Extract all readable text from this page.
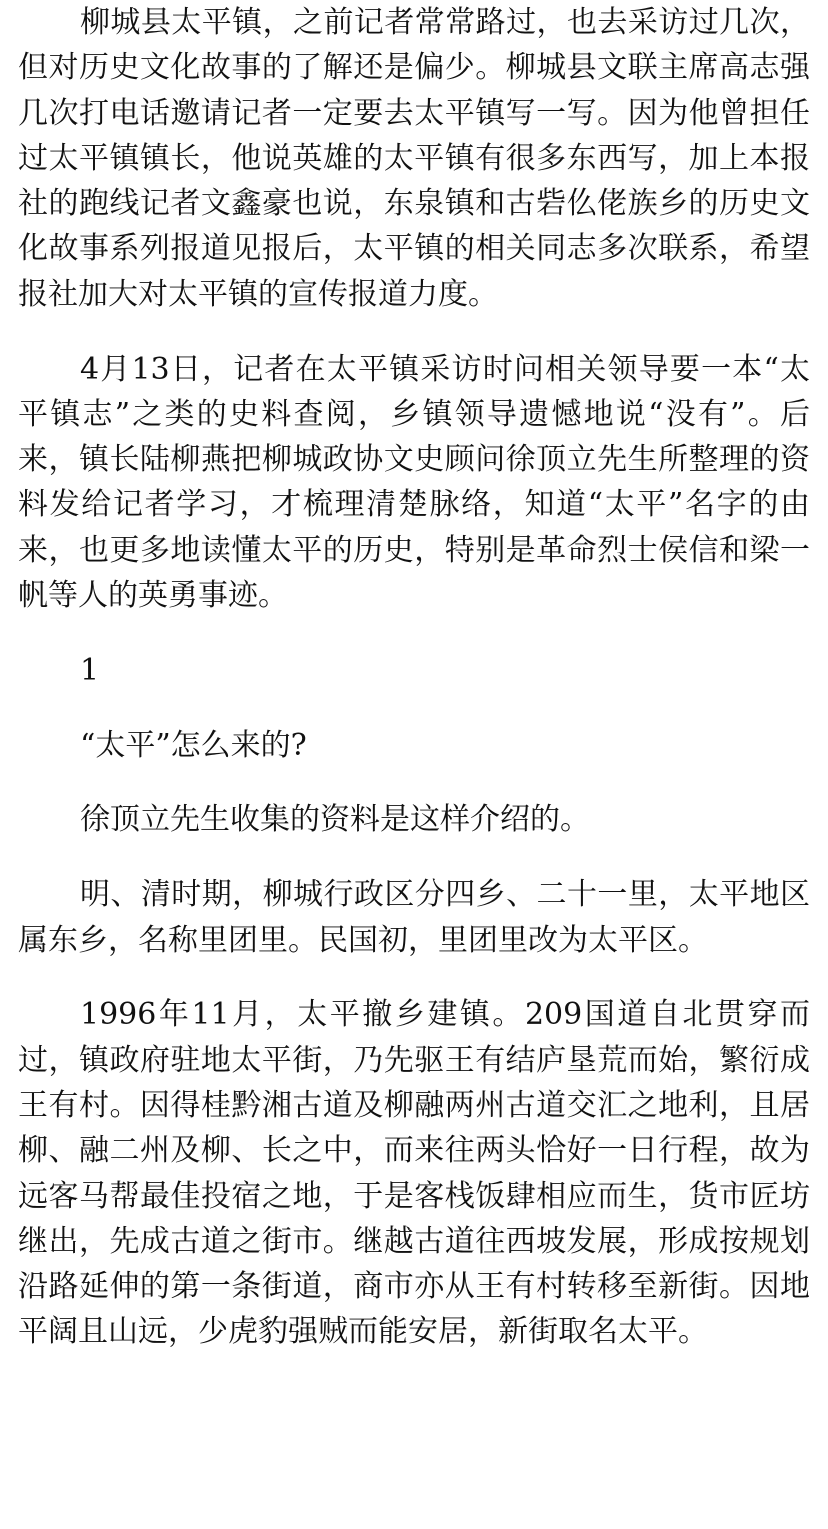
柳城县太平镇，之前记者常常路过，也去采访过几次，但对历史文化故事的了解还是偏少。柳城县文联主席高志强几次打电话邀请记者一定要去太平镇写一写。因为他曾担任过太平镇镇长，他说英雄的太平镇有很多东西写，加上本报社的跑线记者文鑫豪也说，东泉镇和古砦仫佬族乡的历史文化故事系列报道见报后，太平镇的相关同志多次联系，希望报社加大对太平镇的宣传报道力度。

4月13日，记者在太平镇采访时问相关领导要一本“太平镇志”之类的史料查阅，乡镇领导遗憾地说“没有”。后来，镇长陆柳燕把柳城政协文史顾问徐顶立先生所整理的资料发给记者学习，才梳理清楚脉络，知道“太平”名字的由来，也更多地读懂太平的历史，特别是革命烈士侯信和梁一帆等人的英勇事迹。

1

“太平”怎么来的?

徐顶立先生收集的资料是这样介绍的。

明、清时期，柳城行政区分四乡、二十一里，太平地区属东乡，名称里团里。民国初，里团里改为太平区。

1996年11月，太平撤乡建镇。209国道自北贯穿而过，镇政府驻地太平街，乃先驱王有结庐垦荒而始，繁衍成王有村。因得桂黔湘古道及柳融两州古道交汇之地利，且居柳、融二州及柳、长之中，而来往两头恰好一日行程，故为远客马帮最佳投宿之地，于是客栈饭肆相应而生，货市匠坊继出，先成古道之街市。继越古道往西坡发展，形成按规划沿路延伸的第一条街道，商市亦从王有村转移至新街。因地平阔且山远，少虎豹强贼而能安居，新街取名太平。
